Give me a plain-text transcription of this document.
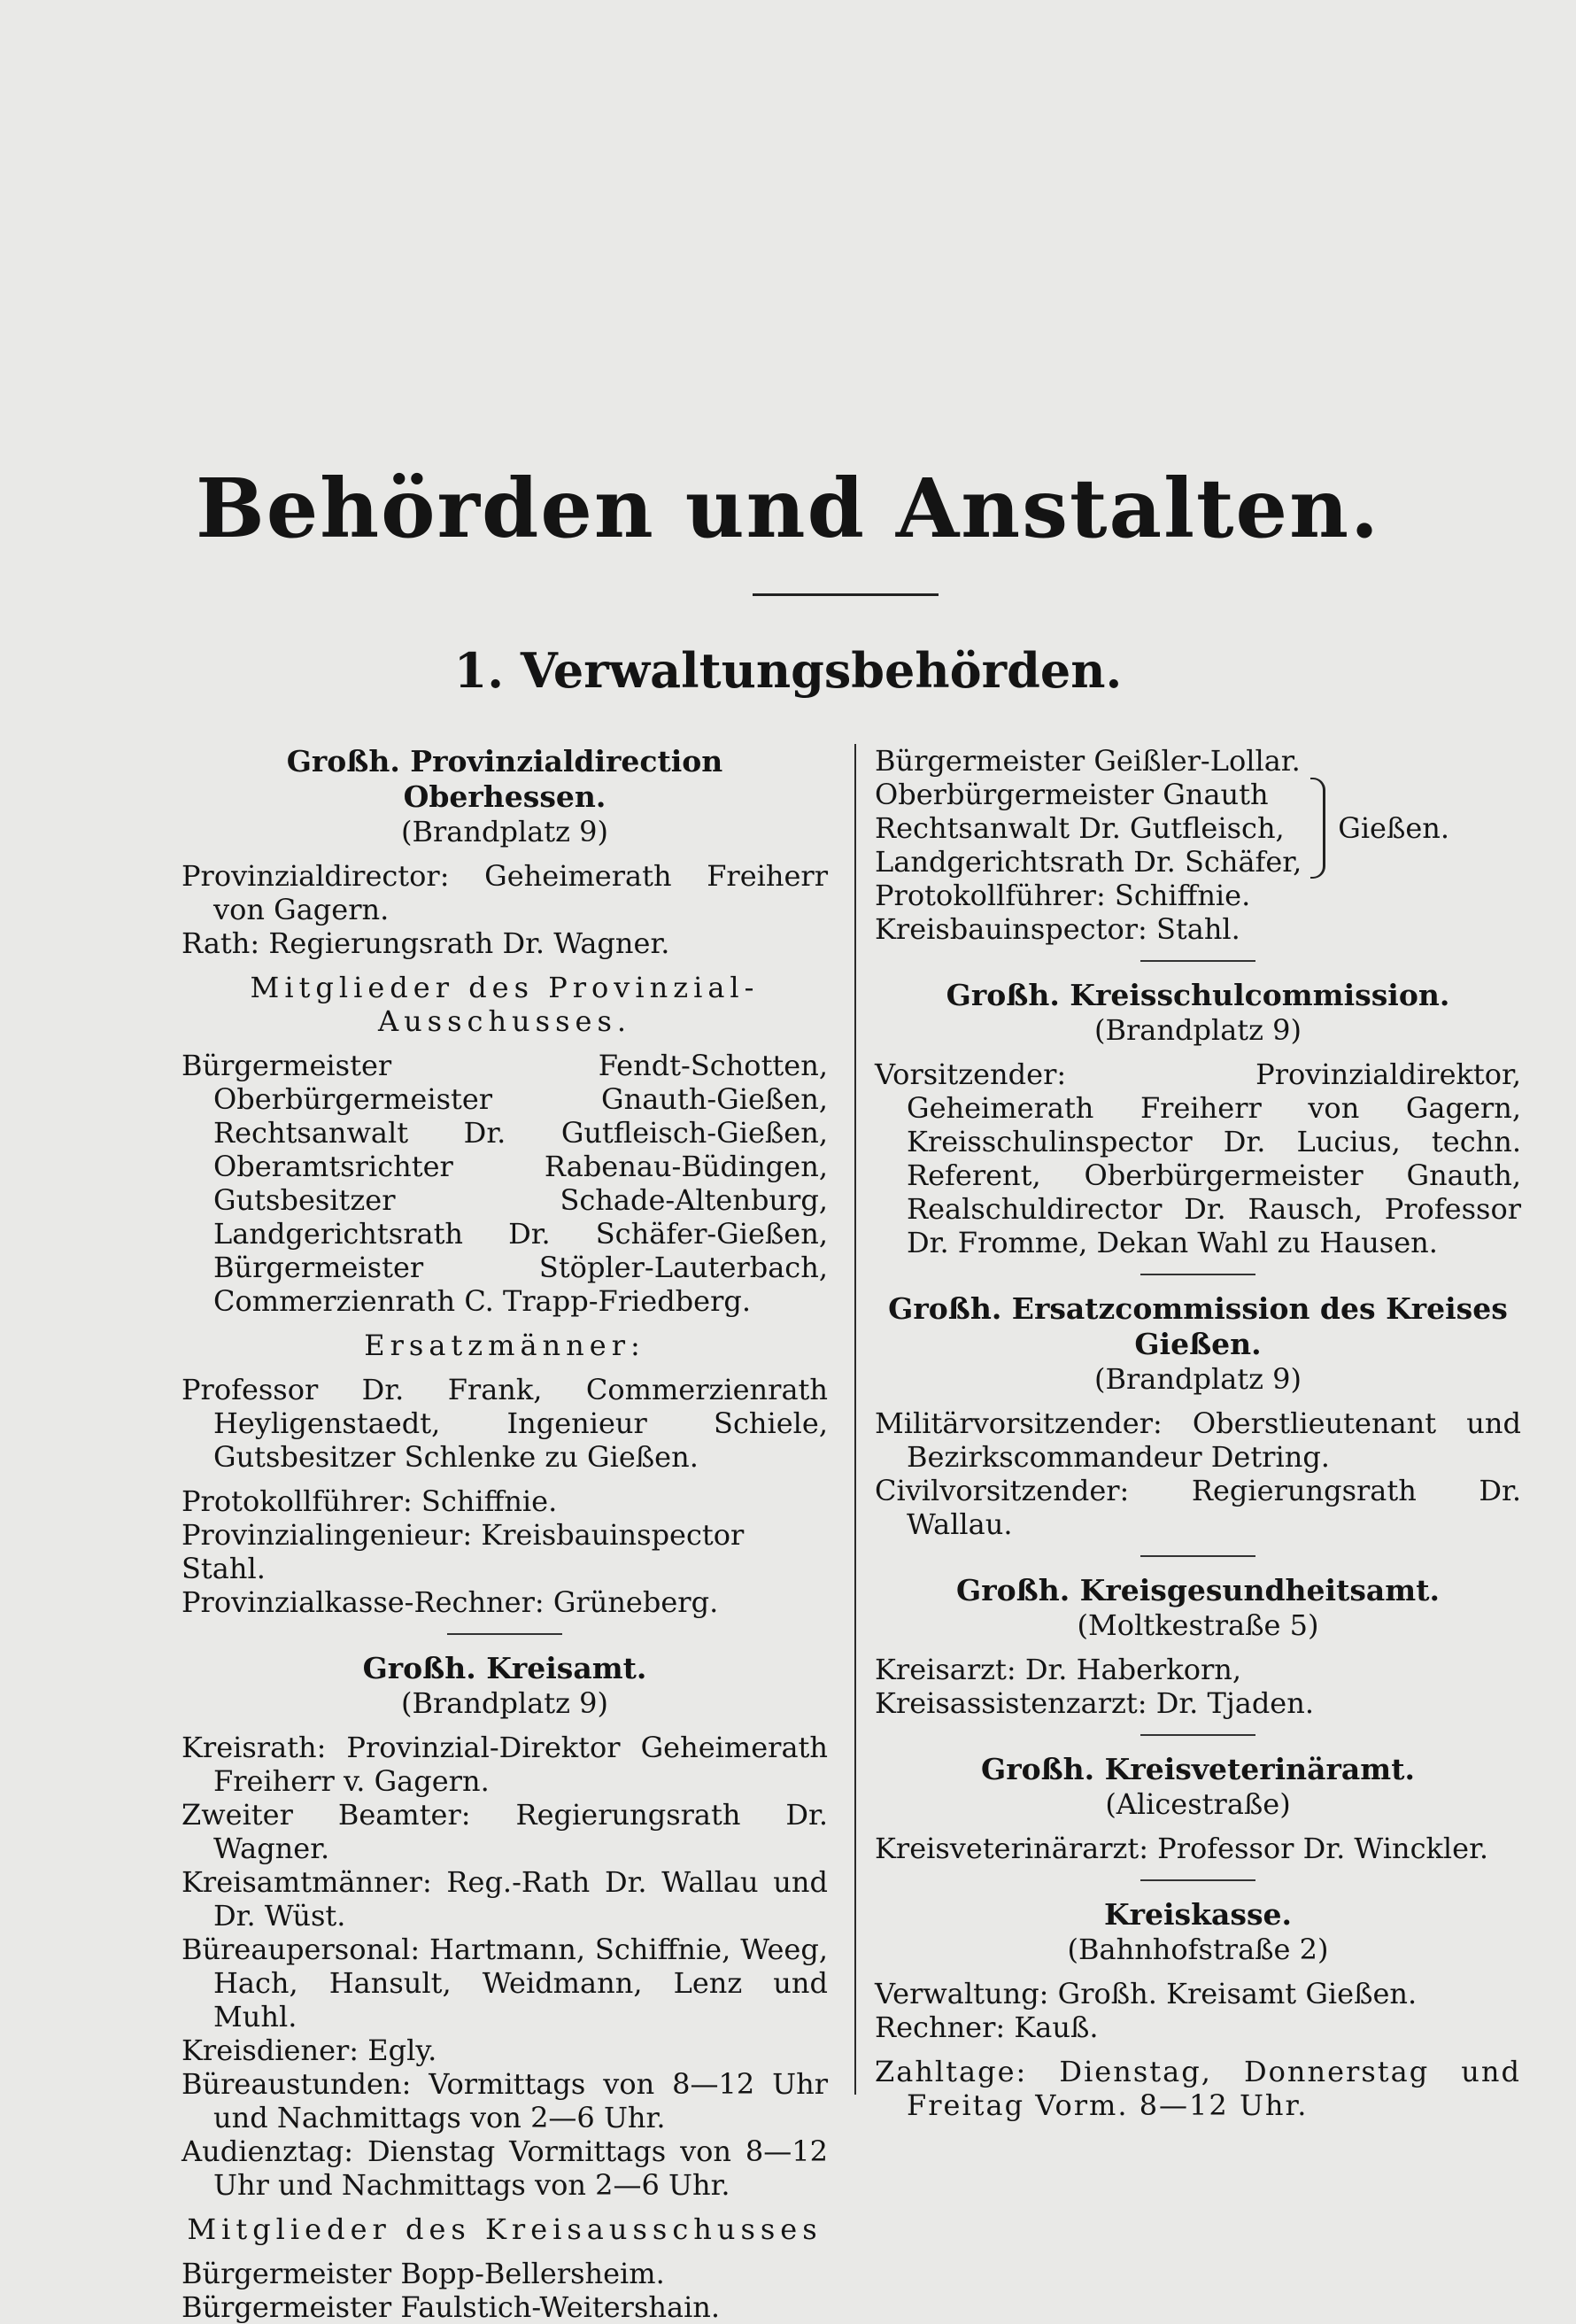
Behörden und Anstalten.
1. Verwaltungsbehörden.

Großh. Provinzialdirection Oberhessen.

(Brandplatz 9)

Provinzialdirector: Geheimerath Freiherr von Gagern.

Rath: Regierungsrath Dr. Wagner.

Mitglieder des Provinzial-Ausschusses.

Bürgermeister Fendt-Schotten, Oberbürgermeister Gnauth-Gießen, Rechtsanwalt Dr. Gutfleisch-Gießen, Oberamtsrichter Rabenau-Büdingen, Gutsbesitzer Schade-Altenburg, Landgerichtsrath Dr. Schäfer-Gießen, Bürgermeister Stöpler-Lauterbach, Commerzienrath C. Trapp-Friedberg.

Ersatzmänner:

Professor Dr. Frank, Commerzienrath Heyligenstaedt, Ingenieur Schiele, Gutsbesitzer Schlenke zu Gießen.

Protokollführer: Schiffnie.

Provinzialingenieur: Kreisbauinspector Stahl.

Provinzialkasse-Rechner: Grüneberg.

Großh. Kreisamt.

(Brandplatz 9)

Kreisrath: Provinzial-Direktor Geheimerath Freiherr v. Gagern.

Zweiter Beamter: Regierungsrath Dr. Wagner.

Kreisamtmänner: Reg.-Rath Dr. Wallau und Dr. Wüst.

Büreaupersonal: Hartmann, Schiffnie, Weeg, Hach, Hansult, Weidmann, Lenz und Muhl.

Kreisdiener: Egly.

Büreaustunden: Vormittags von 8—12 Uhr und Nachmittags von 2—6 Uhr.

Audienztag: Dienstag Vormittags von 8—12 Uhr und Nachmittags von 2—6 Uhr.

Mitglieder des Kreisausschusses

Bürgermeister Bopp-Bellersheim.

Bürgermeister Faulstich-Weitershain.

Bürgermeister Geißler-Lollar.

Oberbürgermeister Gnauth

Rechtsanwalt Dr. Gutfleisch,

Landgerichtsrath Dr. Schäfer,

Gießen.

Protokollführer: Schiffnie.

Kreisbauinspector: Stahl.

Großh. Kreisschulcommission.

(Brandplatz 9)

Vorsitzender: Provinzialdirektor, Geheimerath Freiherr von Gagern, Kreisschulinspector Dr. Lucius, techn. Referent, Oberbürgermeister Gnauth, Realschuldirector Dr. Rausch, Professor Dr. Fromme, Dekan Wahl zu Hausen.

Großh. Ersatzcommission des Kreises Gießen.

(Brandplatz 9)

Militärvorsitzender: Oberstlieutenant und Bezirkscommandeur Detring.

Civilvorsitzender: Regierungsrath Dr. Wallau.

Großh. Kreisgesundheitsamt.

(Moltkestraße 5)

Kreisarzt: Dr. Haberkorn,

Kreisassistenzarzt: Dr. Tjaden.

Großh. Kreisveterinäramt.

(Alicestraße)

Kreisveterinärarzt: Professor Dr. Winckler.

Kreiskasse.

(Bahnhofstraße 2)

Verwaltung: Großh. Kreisamt Gießen.

Rechner: Kauß.

Zahltage: Dienstag, Donnerstag und Freitag Vorm. 8—12 Uhr.
